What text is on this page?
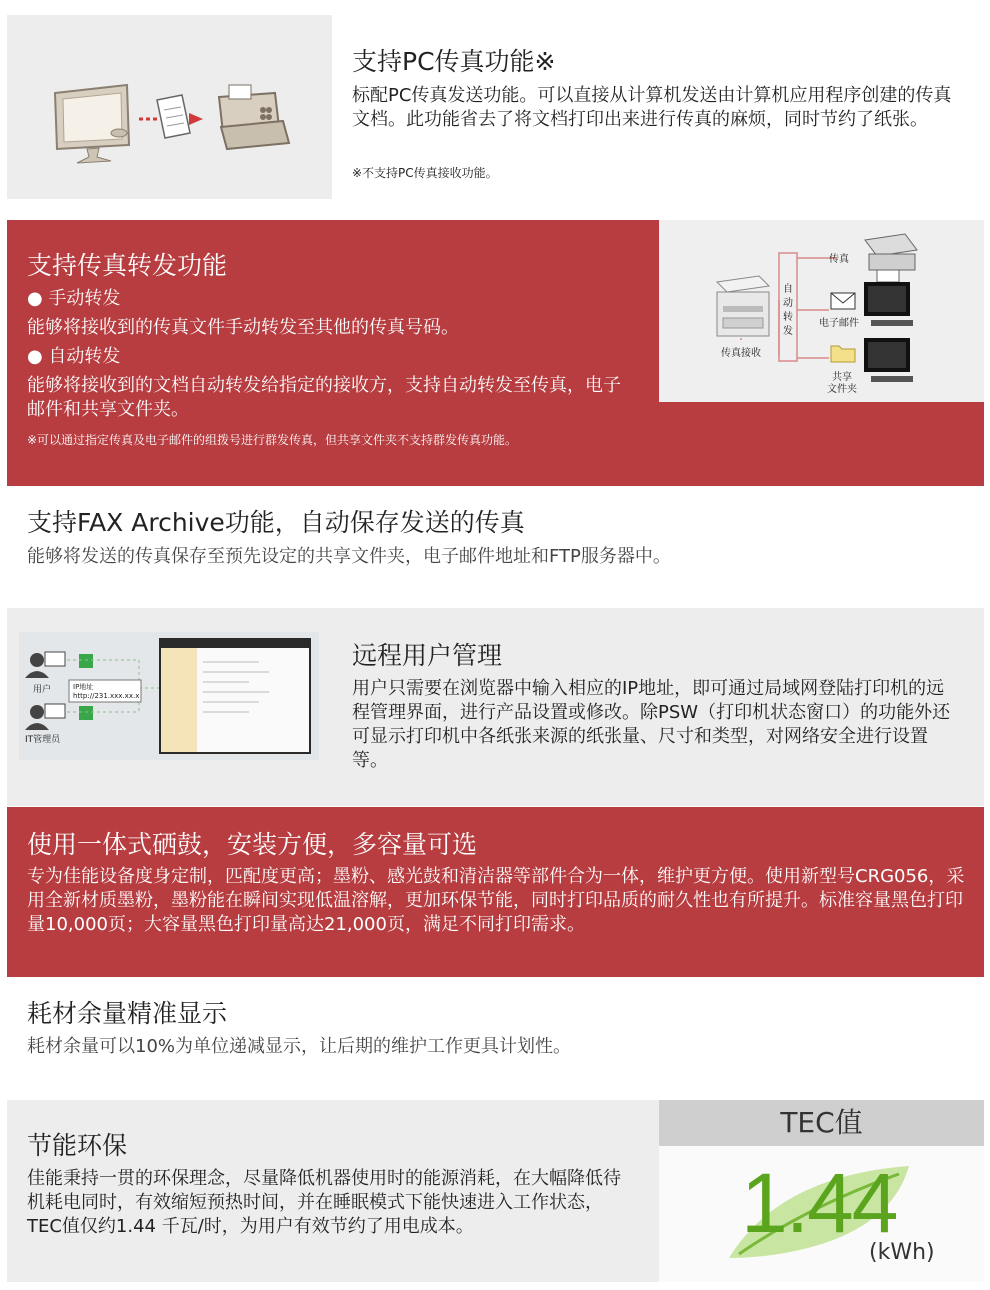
支持PC传真功能※

标配PC传真发送功能。可以直接从计算机发送由计算机应用程序创建的传真文档。此功能省去了将文档打印出来进行传真的麻烦，同时节约了纸张。

※不支持PC传真接收功能。
支持传真转发功能

● 手动转发

能够将接收到的传真文件手动转发至其他的传真号码。

● 自动转发

能够将接收到的文档自动转发给指定的接收方，支持自动转发至传真，电子邮件和共享文件夹。

※可以通过指定传真及电子邮件的组拨号进行群发传真，但共享文件夹不支持群发传真功能。
传真接收
自
动
转
发
传真
电子邮件
共享
文件夹
支持FAX Archive功能，自动保存发送的传真

能够将发送的传真保存至预先设定的共享文件夹，电子邮件地址和FTP服务器中。

用户
IT管理员
IP地址
http://231.xxx.xx.x
远程用户管理

用户只需要在浏览器中输入相应的IP地址，即可通过局域网登陆打印机的远程管理界面，进行产品设置或修改。除PSW（打印机状态窗口）的功能外还可显示打印机中各纸张来源的纸张量、尺寸和类型，对网络安全进行设置等。

使用一体式硒鼓，安装方便，多容量可选

专为佳能设备度身定制，匹配度更高；墨粉、感光鼓和清洁器等部件合为一体，维护更方便。使用新型号CRG056，采用全新材质墨粉，墨粉能在瞬间实现低温溶解，更加环保节能，同时打印品质的耐久性也有所提升。标准容量黑色打印量10,000页；大容量黑色打印量高达21,000页，满足不同打印需求。

耗材余量精准显示

耗材余量可以10%为单位递减显示，让后期的维护工作更具计划性。

节能环保

佳能秉持一贯的环保理念，尽量降低机器使用时的能源消耗，在大幅降低待机耗电同时，有效缩短预热时间，并在睡眠模式下能快速进入工作状态，TEC值仅约1.44 千瓦/时，为用户有效节约了用电成本。

TEC值
1.44
(kWh)
